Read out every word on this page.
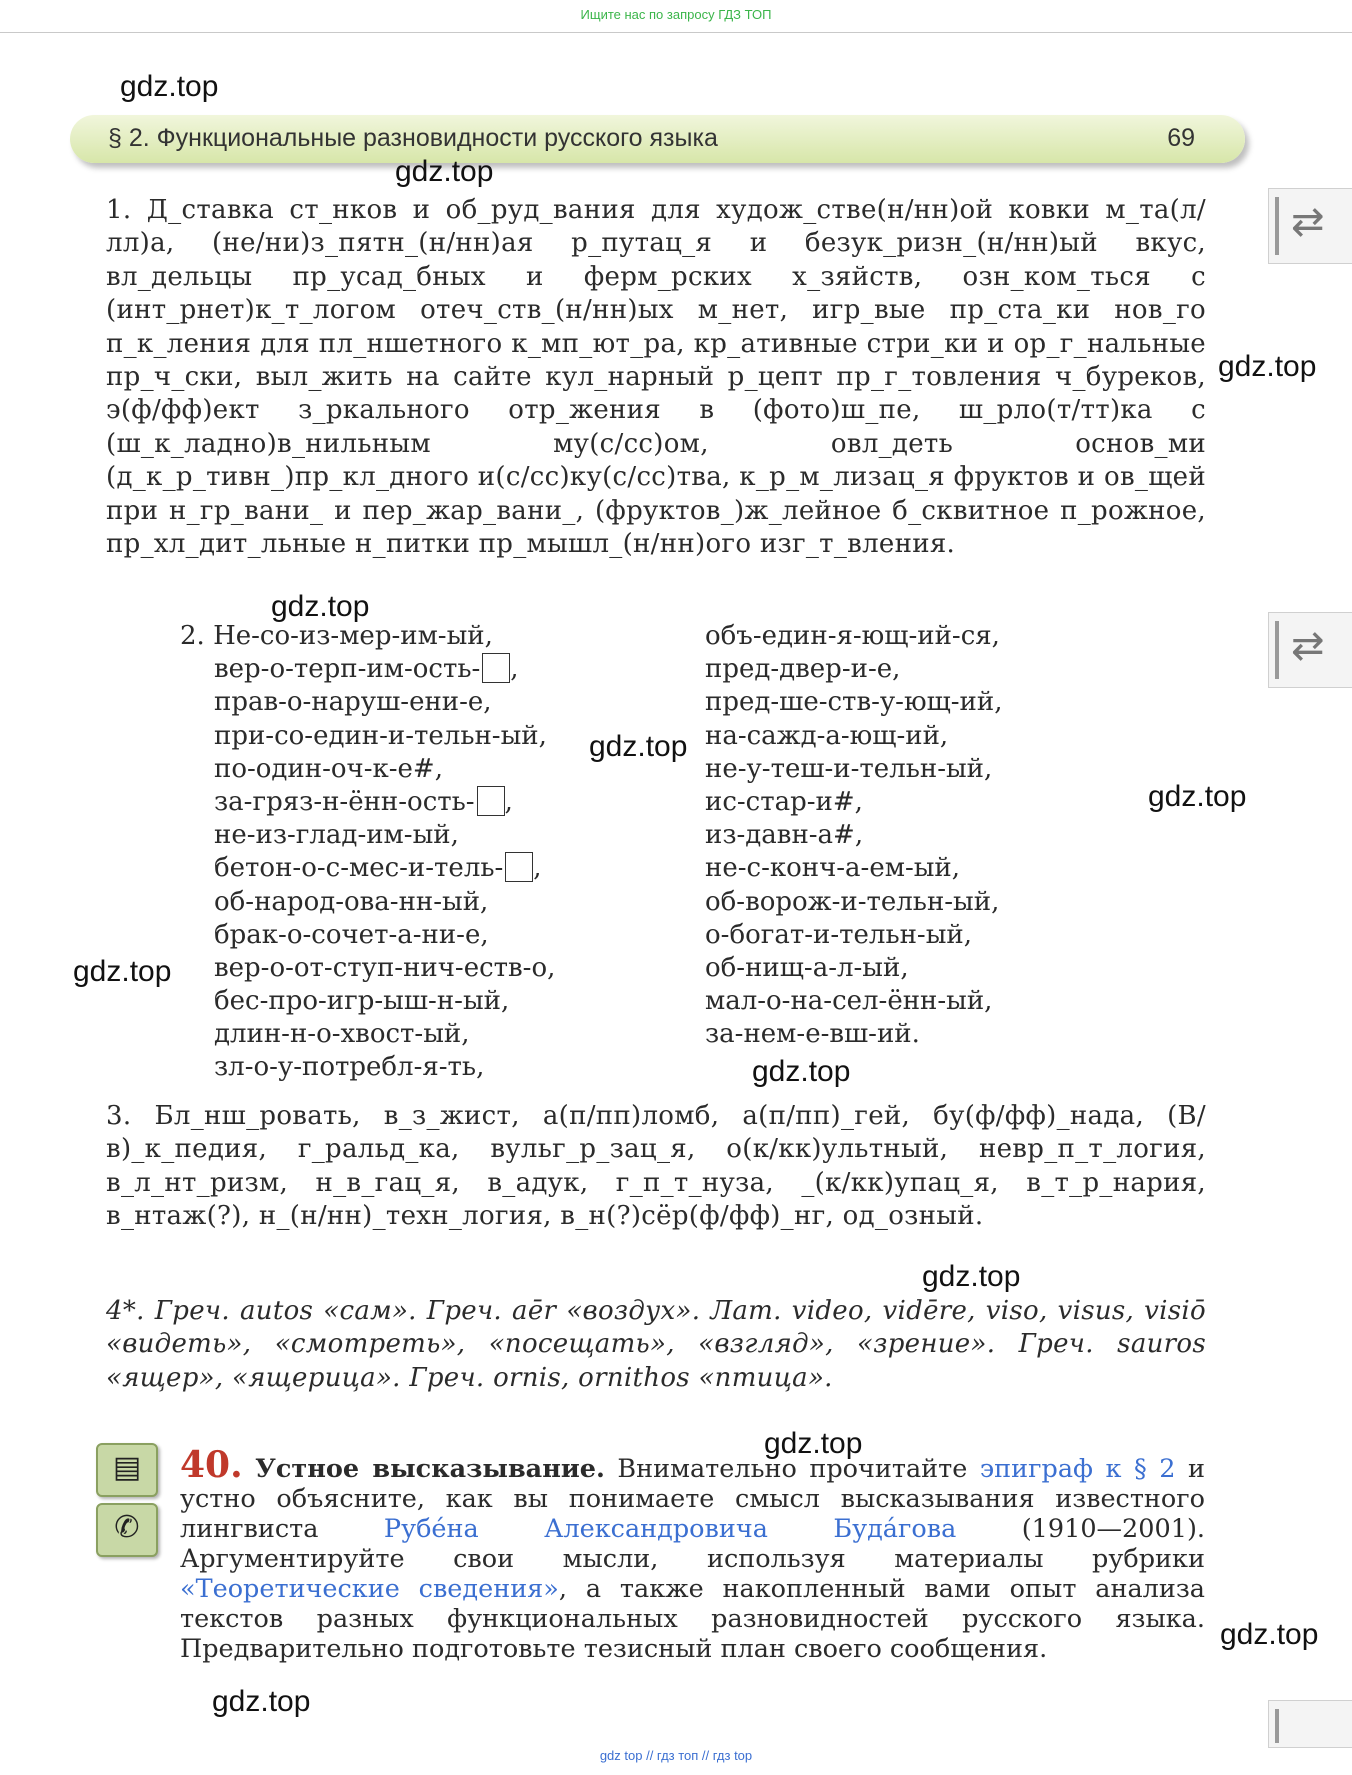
Ищите нас по запросу ГДЗ ТОП
§ 2. Функциональные разновидности русского языка	69
1. Д_ставка ст_нков и об_руд_вания для худож_стве(н/нн)ой ковки м_та(л/лл)а, (не/ни)з_пятн_(н/нн)ая р_путац_я и безук_ризн_(н/нн)ый вкус, вл_дельцы пр_усад_бных и ферм_рских х_зяйств, озн_ком_ться с (инт_рнет)к_т_логом отеч_ств_(н/нн)ых м_нет, игр_вые пр_ста_ки нов_го п_к_ления для пл_ншетного к_мп_ют_ра, кр_ативные стри_ки и ор_г_нальные пр_ч_ски, выл_жить на сайте кул_нарный р_цепт пр_г_товления ч_буреков, э(ф/фф)ект з_ркального отр_жения в (фото)ш_пе, ш_рло(т/тт)ка с (ш_к_ладно)в_нильным му(с/сс)ом, овл_деть основ_ми (д_к_р_тивн_)пр_кл_дного и(с/сс)ку(с/сс)тва, к_р_м_лизац_я фруктов и ов_щей при н_гр_вани_ и пер_жар_вани_, (фруктов_)ж_лейное б_сквитное п_рожное, пр_хл_дит_льные н_питки пр_мышл_(н/нн)ого изг_т_вления.
2. Не-со-из-мер-им-ый,
вер-о-терп-им-ость- ,
прав-о-наруш-ени-е,
при-со-един-и-тельн-ый,
по-один-оч-к-е#,
за-гряз-н-ённ-ость- ,
не-из-глад-им-ый,
бетон-о-с-мес-и-тель- ,
об-народ-ова-нн-ый,
брак-о-сочет-а-ни-е,
вер-о-от-ступ-нич-еств-о,
бес-про-игр-ыш-н-ый,
длин-н-о-хвост-ый,
зл-о-у-потребл-я-ть,
объ-един-я-ющ-ий-ся,
пред-двер-и-е,
пред-ше-ств-у-ющ-ий,
на-сажд-а-ющ-ий,
не-у-теш-и-тельн-ый,
ис-стар-и#,
из-давн-а#,
не-с-конч-а-ем-ый,
об-ворож-и-тельн-ый,
о-богат-и-тельн-ый,
об-нищ-а-л-ый,
мал-о-на-сел-ённ-ый,
за-нем-е-вш-ий.
3. Бл_нш_ровать, в_з_жист, а(п/пп)ломб, а(п/пп)_гей, бу(ф/фф)_нада, (В/в)_к_педия, г_ральд_ка, вульг_р_зац_я, о(к/кк)ультный, невр_п_т_логия, в_л_нт_ризм, н_в_гац_я, в_адук, г_п_т_нуза, _(к/кк)упац_я, в_т_р_нария, в_нтаж(?), н_(н/нн)_техн_логия, в_н(?)сёр(ф/фф)_нг, од_озный.
4*. Греч. autos «сам». Греч. aēr «воздух». Лат. video, vidēre, viso, visus, visiō «видеть», «смотреть», «посещать», «взгляд», «зрение». Греч. sauros «ящер», «ящерица». Греч. ornis, ornithos «птица».
▤
✆
40. Устное высказывание. Внимательно прочитайте эпиграф к § 2 и устно объясните, как вы понимаете смысл высказывания известного лингвиста Рубéна Александровича Будáгова (1910—2001). Аргументируйте свои мысли, используя материалы рубрики «Теоретические сведения», а также накопленный вами опыт анализа текстов разных функциональных разновидностей русского языка. Предварительно подготовьте тезисный план своего сообщения.
⇄
⇄
gdz.top
gdz.top
gdz.top
gdz.top
gdz.top
gdz.top
gdz.top
gdz.top
gdz.top
gdz.top
gdz.top
gdz.top
gdz top // гдз топ // гдз top
